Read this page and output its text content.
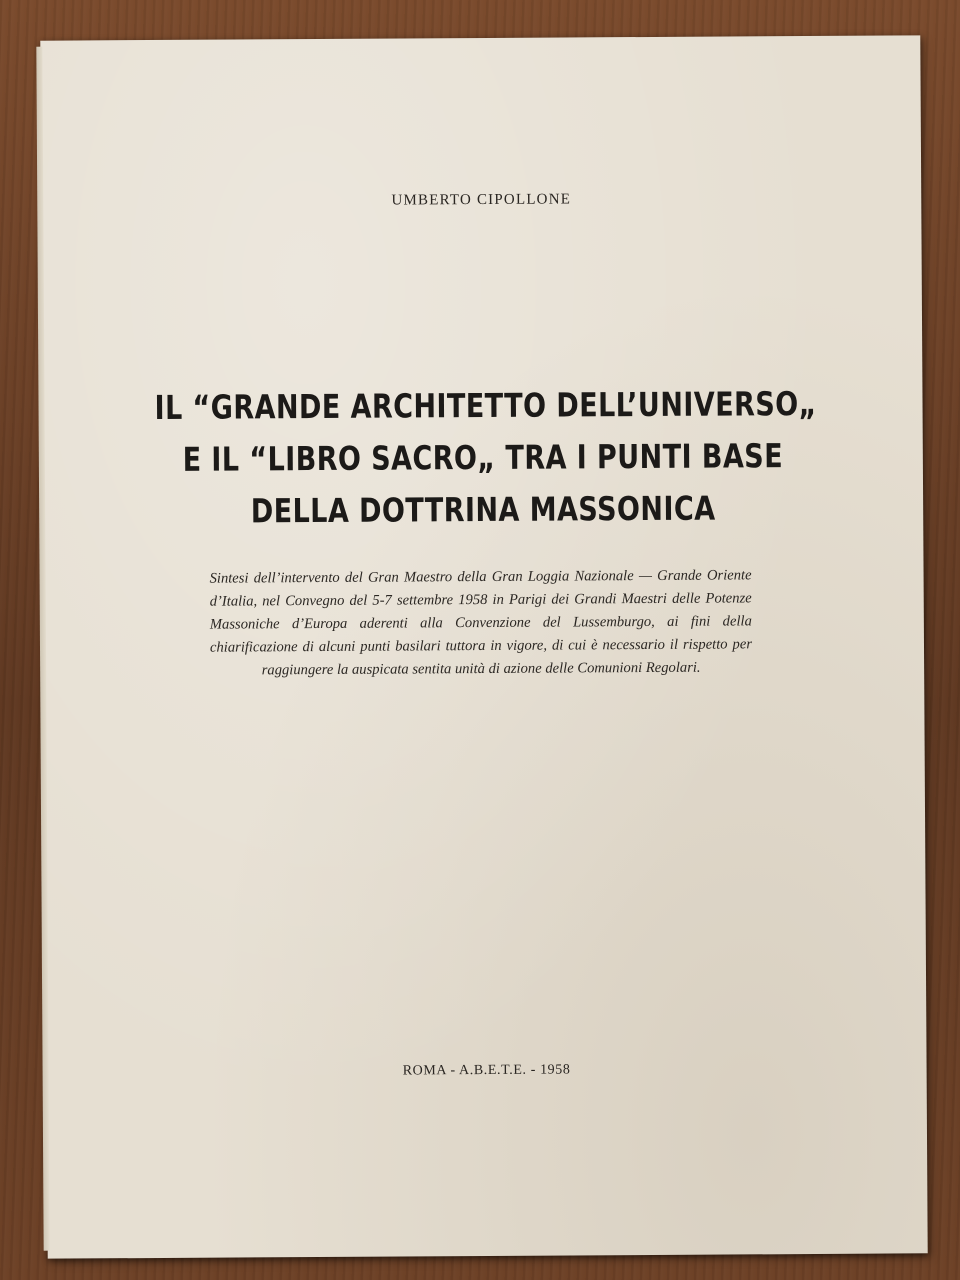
UMBERTO CIPOLLONE
IL “GRANDE ARCHITETTO DELL’UNIVERSO„
E IL “LIBRO SACRO„ TRA I PUNTI BASE
DELLA DOTTRINA MASSONICA
Sintesi dell’intervento del Gran Maestro della Gran Loggia Nazionale — Grande Oriente d’Italia, nel Convegno del 5-7 settembre 1958 in Parigi dei Grandi Maestri delle Potenze Massoniche d’Europa aderenti alla Convenzione del Lussemburgo, ai fini della chiarificazione di alcuni punti basilari tuttora in vigore, di cui è necessario il rispetto per raggiungere la auspicata sentita unità di azione delle Comunioni Regolari.
ROMA - A.B.E.T.E. - 1958
